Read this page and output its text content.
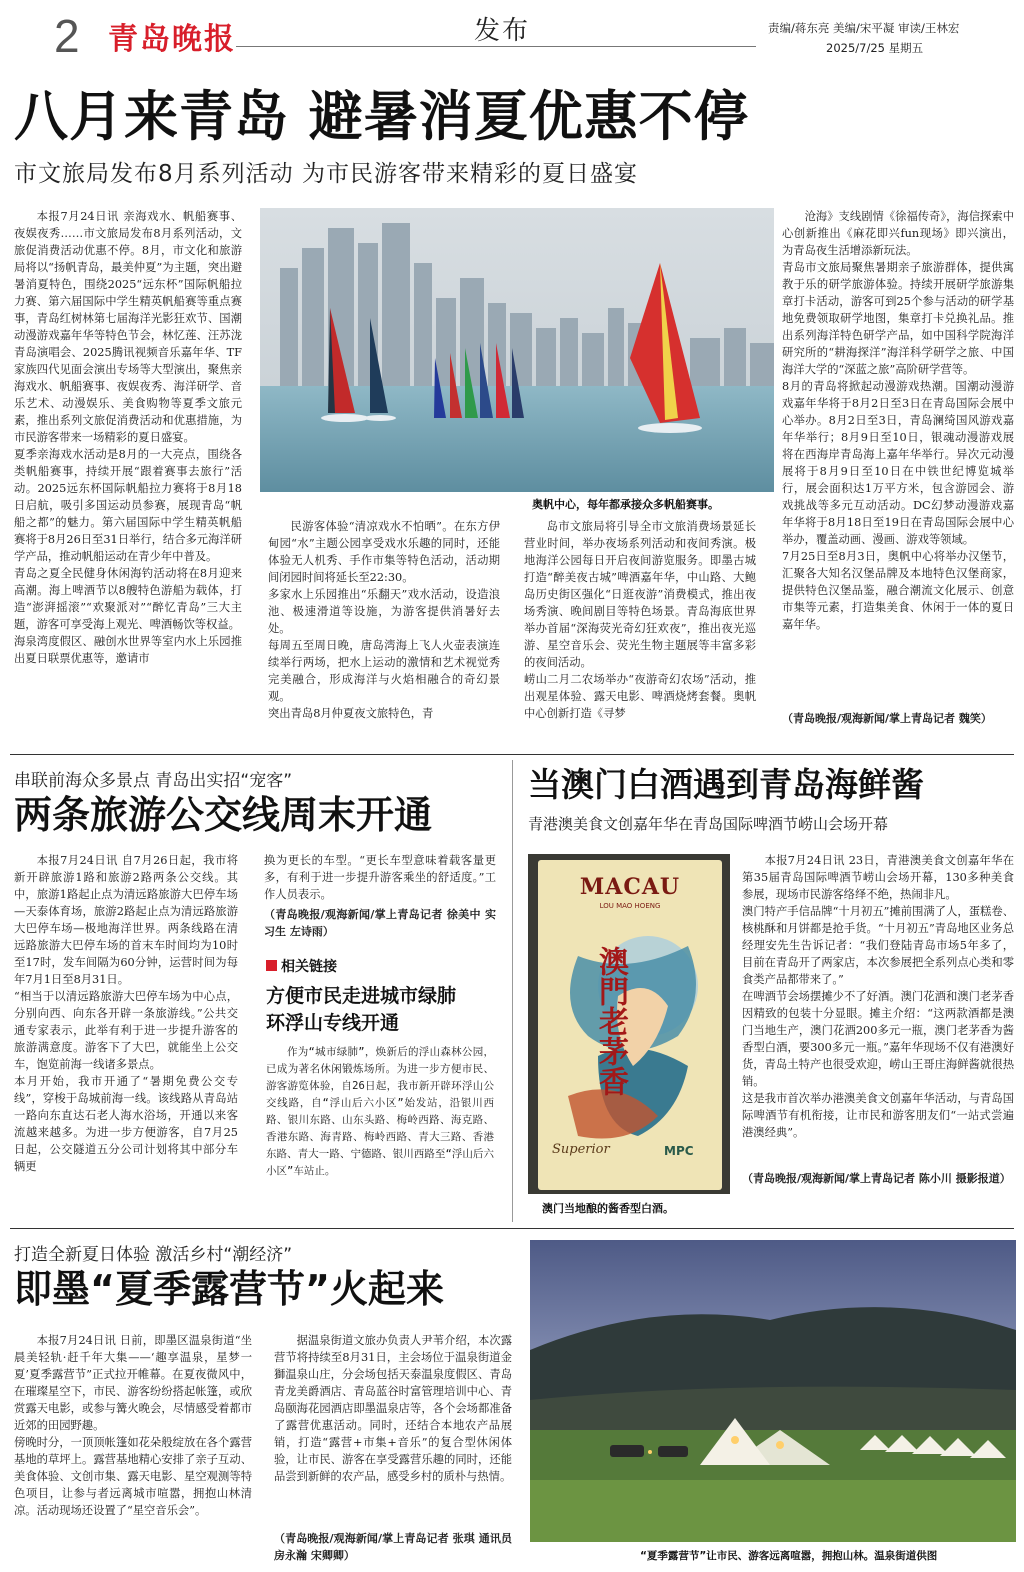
2 青岛晚报	发布	责编/蒋东亮 美编/宋平凝 审读/王林宏
2025/7/25 星期五
八月来青岛 避暑消夏优惠不停
市文旅局发布8月系列活动 为市民游客带来精彩的夏日盛宴
本报7月24日讯 亲海戏水、帆船赛事、夜娱夜秀……市文旅局发布8月系列活动，文旅促消费活动优惠不停。8月，市文化和旅游局将以“扬帆青岛，最美仲夏”为主题，突出避暑消夏特色，围绕2025“远东杯”国际帆船拉力赛、第六届国际中学生精英帆船赛等重点赛事，青岛红树林第七届海洋光影狂欢节、国潮动漫游戏嘉年华等特色节会，林忆莲、汪苏泷青岛演唱会、2025腾讯视频音乐嘉年华、TF家族四代见面会演出专场等大型演出，聚焦亲海戏水、帆船赛事、夜娱夜秀、海洋研学、音乐艺术、动漫娱乐、美食购物等夏季文旅元素，推出系列文旅促消费活动和优惠措施，为市民游客带来一场精彩的夏日盛宴。
夏季亲海戏水活动是8月的一大亮点，围绕各类帆船赛事，持续开展“跟着赛事去旅行”活动。2025远东杯国际帆船拉力赛将于8月18日启航，吸引多国运动员参赛，展现青岛“帆船之都”的魅力。第六届国际中学生精英帆船赛将于8月26日至31日举行，结合多元海洋研学产品，推动帆船运动在青少年中普及。
青岛之夏全民健身休闲海钓活动将在8月迎来高潮。海上啤酒节以8艘特色游船为载体，打造“澎湃摇滚”“欢聚派对”“醉忆青岛”三大主题，游客可享受海上观光、啤酒畅饮等权益。
海泉湾度假区、融创水世界等室内水上乐园推出夏日联票优惠等，邀请市
奥帆中心，每年都承接众多帆船赛事。
民游客体验“清凉戏水不怕晒”。在东方伊甸园“水”主题公园享受戏水乐趣的同时，还能体验无人机秀、手作市集等特色活动，活动期间闭园时间将延长至22:30。
多家水上乐园推出“乐翻天”戏水活动，设造浪池、极速滑道等设施，为游客提供消暑好去处。
每周五至周日晚，唐岛湾海上飞人火壶表演连续举行两场，把水上运动的激情和艺术视觉秀完美融合，形成海洋与火焰相融合的奇幻景观。
突出青岛8月仲夏夜文旅特色，青
岛市文旅局将引导全市文旅消费场景延长营业时间，举办夜场系列活动和夜间秀演。极地海洋公园每日开启夜间游览服务。即墨古城打造“醉美夜古城”啤酒嘉年华，中山路、大鲍岛历史街区强化“日逛夜游”消费模式，推出夜场秀演、晚间剧目等特色场景。青岛海底世界举办首届“深海荧光奇幻狂欢夜”，推出夜光巡游、星空音乐会、荧光生物主题展等丰富多彩的夜间活动。
崂山二月二农场举办“夜游奇幻农场”活动，推出观星体验、露天电影、啤酒烧烤套餐。奥帆中心创新打造《寻梦
沧海》支线剧情《徐福传奇》，海信探索中心创新推出《麻花即兴fun现场》即兴演出，为青岛夜生活增添新玩法。
青岛市文旅局聚焦暑期亲子旅游群体，提供寓教于乐的研学旅游体验。持续开展研学旅游集章打卡活动，游客可到25个参与活动的研学基地免费领取研学地图，集章打卡兑换礼品。推出系列海洋特色研学产品，如中国科学院海洋研究所的“耕海探洋”海洋科学研学之旅、中国海洋大学的“深蓝之旅”高阶研学营等。
8月的青岛将掀起动漫游戏热潮。国潮动漫游戏嘉年华将于8月2日至3日在青岛国际会展中心举办。8月2日至3日，青岛澜绮国风游戏嘉年华举行；8月9日至10日，银魂动漫游戏展将在西海岸青岛海上嘉年华举行。异次元动漫展将于8月9日至10日在中铁世纪博览城举行，展会面积达1万平方米，包含游园会、游戏挑战等多元互动活动。DC幻梦动漫游戏嘉年华将于8月18日至19日在青岛国际会展中心举办，覆盖动画、漫画、游戏等领域。
7月25日至8月3日，奥帆中心将举办汉堡节，汇聚各大知名汉堡品牌及本地特色汉堡商家，提供特色汉堡品鉴，融合潮流文化展示、创意市集等元素，打造集美食、休闲于一体的夏日嘉年华。
（青岛晚报/观海新闻/掌上青岛记者 魏笑）
串联前海众多景点 青岛出实招“宠客”
两条旅游公交线周末开通
本报7月24日讯 自7月26日起，我市将新开辟旅游1路和旅游2路两条公交线。其中，旅游1路起止点为清远路旅游大巴停车场—天泰体育场，旅游2路起止点为清远路旅游大巴停车场—极地海洋世界。两条线路在清远路旅游大巴停车场的首末车时间均为10时至17时，发车间隔为60分钟，运营时间为每年7月1日至8月31日。
“相当于以清远路旅游大巴停车场为中心点，分别向西、向东各开辟一条旅游线。”公共交通专家表示，此举有利于进一步提升游客的旅游满意度。游客下了大巴，就能坐上公交车，饱览前海一线诸多景点。
本月开始，我市开通了“暑期免费公交专线”，穿梭于岛城前海一线。该线路从青岛站一路向东直达石老人海水浴场，开通以来客流越来越多。为进一步方便游客，自7月25日起，公交隧道五分公司计划将其中部分车辆更
换为更长的车型。“更长车型意味着载客量更多，有利于进一步提升游客乘坐的舒适度。”工作人员表示。
（青岛晚报/观海新闻/掌上青岛记者 徐美中 实习生 左诗雨）
相关链接
方便市民走进城市绿肺
环浮山专线开通
作为“城市绿肺”，焕新后的浮山森林公园，已成为著名休闲锻炼场所。为进一步方便市民、游客游览体验，自26日起，我市新开辟环浮山公交线路，自“浮山后六小区”始发站，沿银川西路、银川东路、山东头路、梅岭西路、海克路、香港东路、海青路、梅岭西路、青大三路、香港东路、青大一路、宁德路、银川西路至“浮山后六小区”车站止。
当澳门白酒遇到青岛海鲜酱
青港澳美食文创嘉年华在青岛国际啤酒节崂山会场开幕
MACAU
LOU MAO HOENG
澳門老茅香
Superior	MPC
澳门当地酿的酱香型白酒。
本报7月24日讯 23日，青港澳美食文创嘉年华在第35届青岛国际啤酒节崂山会场开幕，130多种美食参展，现场市民游客络绎不绝，热闹非凡。
澳门特产手信品牌“十月初五”摊前围满了人，蛋糕卷、核桃酥和月饼都是抢手货。“十月初五”青岛地区业务总经理安先生告诉记者：“我们登陆青岛市场5年多了，目前在青岛开了两家店，本次参展把全系列点心类和零食类产品都带来了。”
在啤酒节会场摆摊少不了好酒。澳门花酒和澳门老茅香因精致的包装十分显眼。摊主介绍：“这两款酒都是澳门当地生产，澳门花酒200多元一瓶，澳门老茅香为酱香型白酒，要300多元一瓶。”嘉年华现场不仅有港澳好货，青岛土特产也很受欢迎，崂山王哥庄海鲜酱就很热销。
这是我市首次举办港澳美食文创嘉年华活动，与青岛国际啤酒节有机衔接，让市民和游客朋友们“一站式尝遍港澳经典”。
（青岛晚报/观海新闻/掌上青岛记者 陈小川 摄影报道）
打造全新夏日体验 激活乡村“潮经济”
即墨“夏季露营节”火起来
本报7月24日讯 日前，即墨区温泉街道“坐晨美轻轨·赶千年大集——‘趣享温泉，星梦一夏’夏季露营节”正式拉开帷幕。在夏夜微风中，在璀璨星空下，市民、游客纷纷搭起帐篷，或欣赏露天电影，或参与篝火晚会，尽情感受着都市近郊的田园野趣。
傍晚时分，一顶顶帐篷如花朵般绽放在各个露营基地的草坪上。露营基地精心安排了亲子互动、美食体验、文创市集、露天电影、星空观测等特色项目，让参与者远离城市喧嚣，拥抱山林清凉。活动现场还设置了“星空音乐会”。
据温泉街道文旅办负责人尹苇介绍，本次露营节将持续至8月31日，主会场位于温泉街道金獅温泉山庄，分会场包括天泰温泉度假区、青岛青龙美爵酒店、青岛蓝谷时富管理培训中心、青岛颐海花园酒店即墨温泉店等，各个会场都准备了露营优惠活动。同时，还结合本地农产品展销，打造“露营+市集+音乐”的复合型休闲体验，让市民、游客在享受露营乐趣的同时，还能品尝到新鲜的农产品，感受乡村的质朴与热情。
（青岛晚报/观海新闻/掌上青岛记者 张琪 通讯员 房永瀚 宋卿卿）	“夏季露营节”让市民、游客远离喧嚣，拥抱山林。温泉街道供图
